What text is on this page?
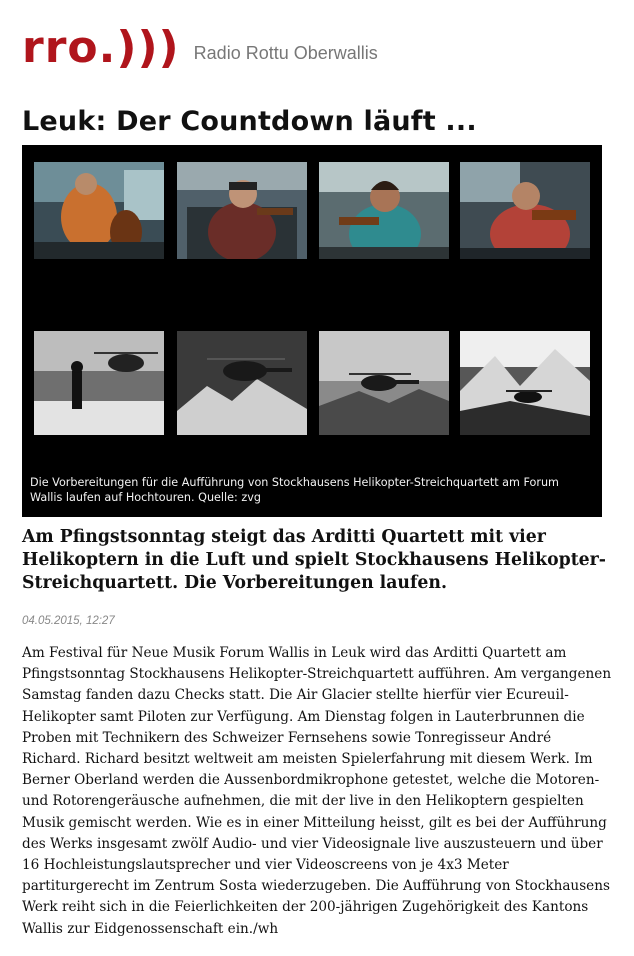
rro.))) Radio Rottu Oberwallis
Leuk: Der Countdown läuft ...
Die Vorbereitungen für die Aufführung von Stockhausens Helikopter-Streichquartett am Forum Wallis laufen auf Hochtouren. Quelle: zvg
Am Pfingstsonntag steigt das Arditti Quartett mit vier Helikoptern in die Luft und spielt Stockhausens Helikopter-Streichquartett. Die Vorbereitungen laufen.
04.05.2015, 12:27

Am Festival für Neue Musik Forum Wallis in Leuk wird das Arditti Quartett am Pfingstsonntag Stockhausens Helikopter-Streichquartett aufführen. Am vergangenen Samstag fanden dazu Checks statt. Die Air Glacier stellte hierfür vier Ecureuil-Helikopter samt Piloten zur Verfügung. Am Dienstag folgen in Lauterbrunnen die Proben mit Technikern des Schweizer Fernsehens sowie Tonregisseur André Richard. Richard besitzt weltweit am meisten Spielerfahrung mit diesem Werk. Im Berner Oberland werden die Aussenbordmikrophone getestet, welche die Motoren- und Rotorengeräusche aufnehmen, die mit der live in den Helikoptern gespielten Musik gemischt werden. Wie es in einer Mitteilung heisst, gilt es bei der Aufführung des Werks insgesamt zwölf Audio- und vier Videosignale live auszusteuern und über 16 Hochleistungslautsprecher und vier Videoscreens von je 4x3 Meter partiturgerecht im Zentrum Sosta wiederzugeben. Die Aufführung von Stockhausens Werk reiht sich in die Feierlichkeiten der 200-jährigen Zugehörigkeit des Kantons Wallis zur Eidgenossenschaft ein./wh
